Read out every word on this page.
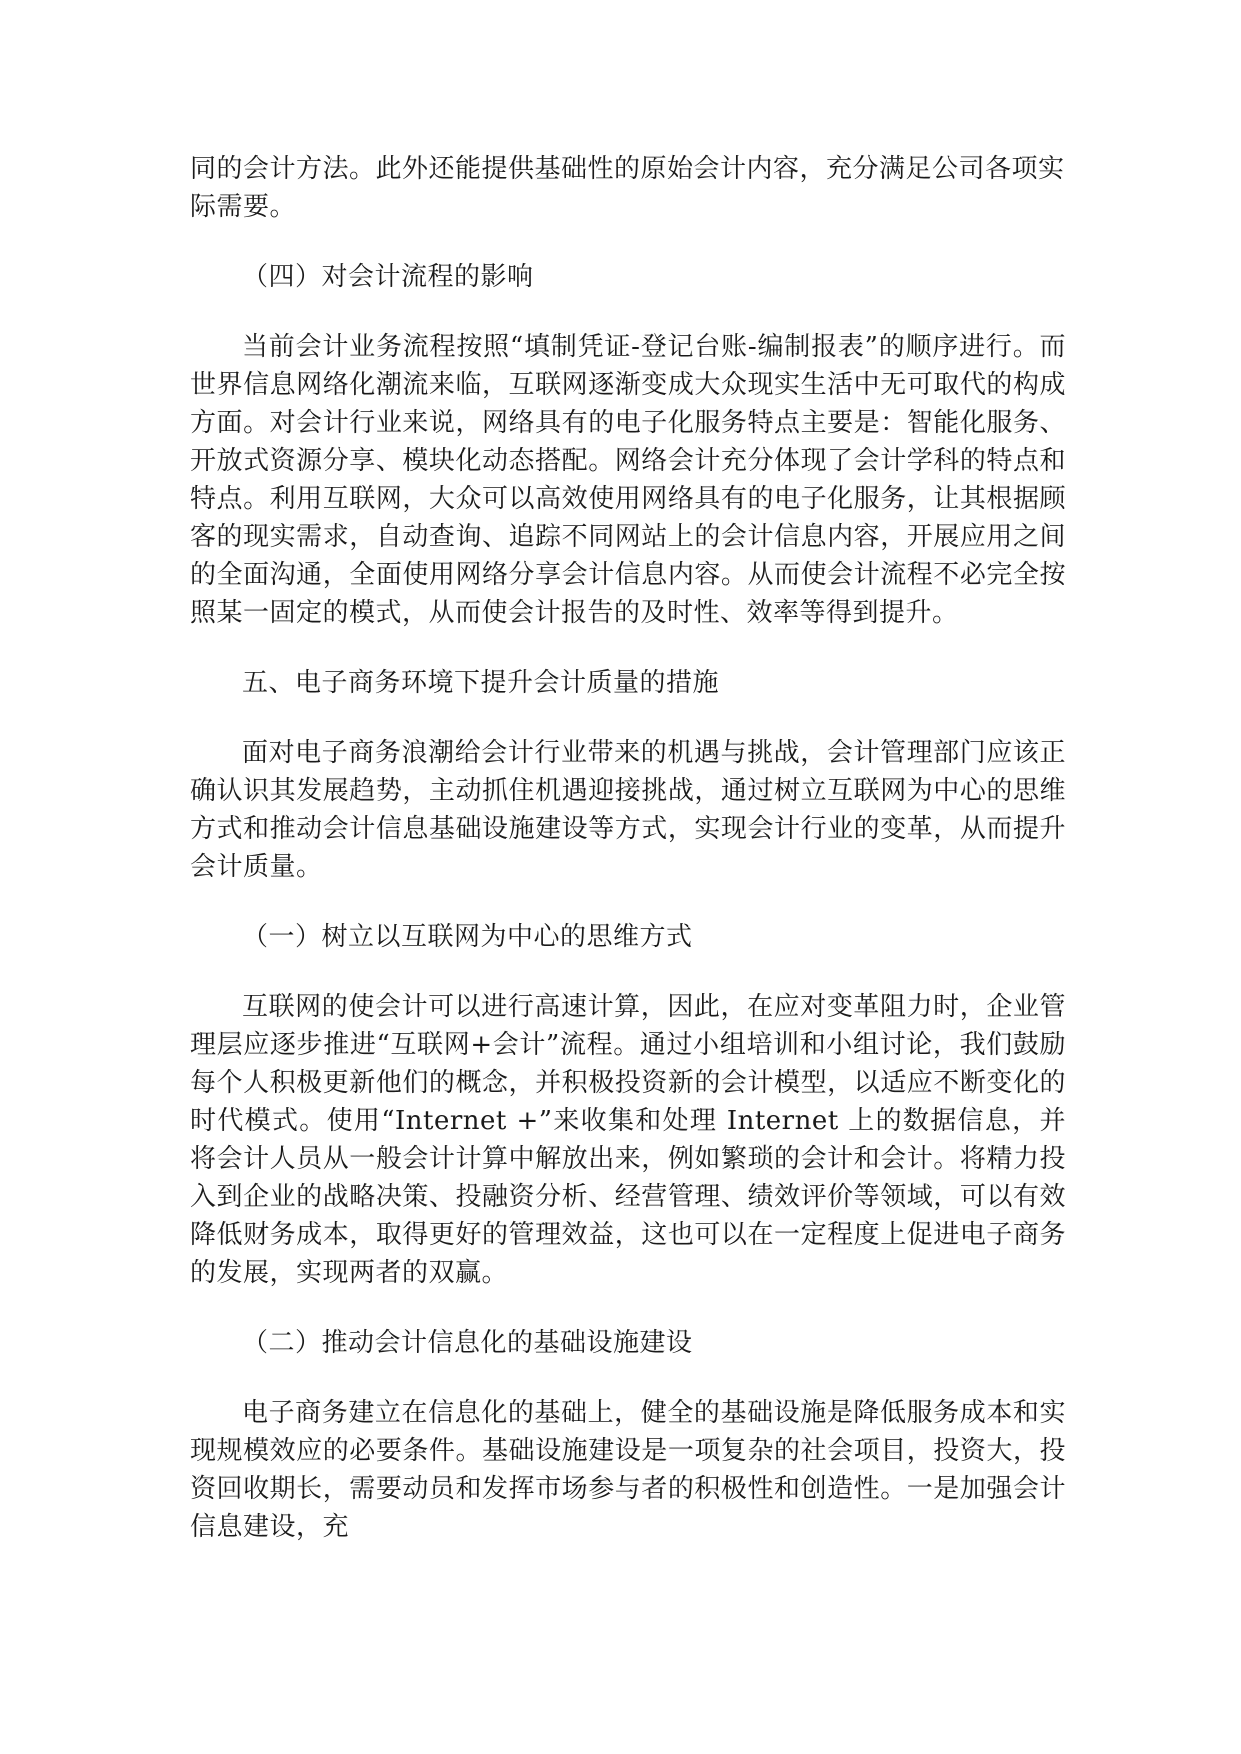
同的会计方法。此外还能提供基础性的原始会计内容，充分满足公司各项实际需要。

（四）对会计流程的影响

当前会计业务流程按照“填制凭证-登记台账-编制报表”的顺序进行。而世界信息网络化潮流来临，互联网逐渐变成大众现实生活中无可取代的构成方面。对会计行业来说，网络具有的电子化服务特点主要是：智能化服务、开放式资源分享、模块化动态搭配。网络会计充分体现了会计学科的特点和特点。利用互联网，大众可以高效使用网络具有的电子化服务，让其根据顾客的现实需求，自动查询、追踪不同网站上的会计信息内容，开展应用之间的全面沟通，全面使用网络分享会计信息内容。从而使会计流程不必完全按照某一固定的模式，从而使会计报告的及时性、效率等得到提升。

五、电子商务环境下提升会计质量的措施

面对电子商务浪潮给会计行业带来的机遇与挑战，会计管理部门应该正确认识其发展趋势，主动抓住机遇迎接挑战，通过树立互联网为中心的思维方式和推动会计信息基础设施建设等方式，实现会计行业的变革，从而提升会计质量。

（一）树立以互联网为中心的思维方式

互联网的使会计可以进行高速计算，因此，在应对变革阻力时，企业管理层应逐步推进“互联网+会计”流程。通过小组培训和小组讨论，我们鼓励每个人积极更新他们的概念，并积极投资新的会计模型，以适应不断变化的时代模式。使用“Internet +”来收集和处理 Internet 上的数据信息，并将会计人员从一般会计计算中解放出来，例如繁琐的会计和会计。将精力投入到企业的战略决策、投融资分析、经营管理、绩效评价等领域，可以有效降低财务成本，取得更好的管理效益，这也可以在一定程度上促进电子商务的发展，实现两者的双赢。

（二）推动会计信息化的基础设施建设

电子商务建立在信息化的基础上，健全的基础设施是降低服务成本和实现规模效应的必要条件。基础设施建设是一项复杂的社会项目，投资大，投资回收期长，需要动员和发挥市场参与者的积极性和创造性。一是加强会计信息建设，充
